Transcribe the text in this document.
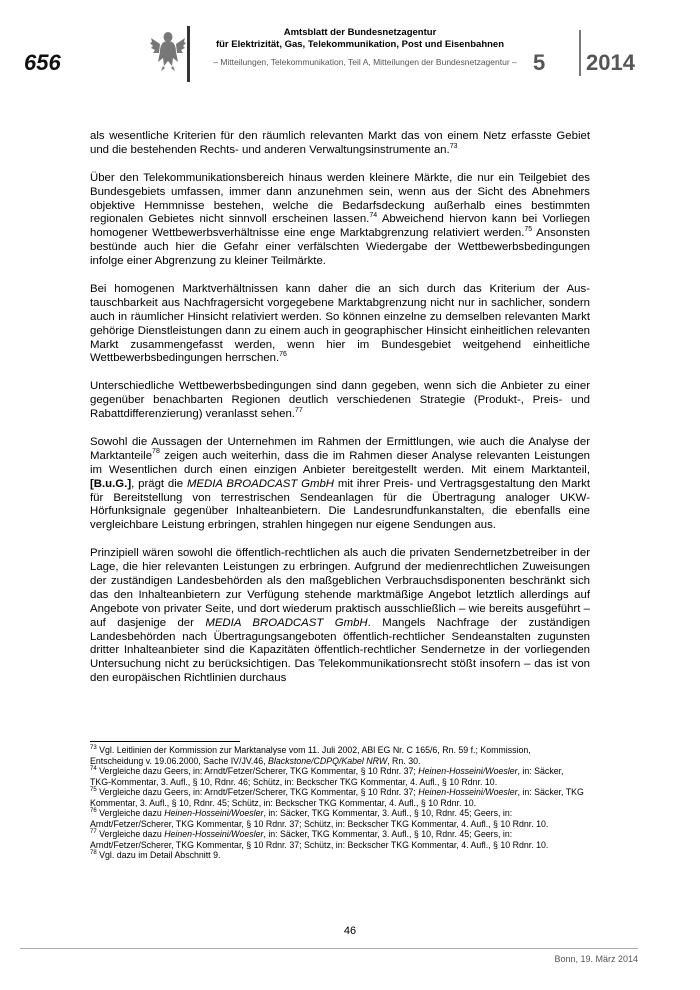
656
Amtsblatt der Bundesnetzagentur
für Elektrizität, Gas, Telekommunikation, Post und Eisenbahnen
– Mitteilungen, Telekommunikation, Teil A, Mitteilungen der Bundesnetzagentur – 5 2014

als wesentliche Kriterien für den räumlich relevanten Markt das von einem Netz erfasste Gebiet und die bestehenden Rechts- und anderen Verwaltungsinstrumente an.$^{73}$

Über den Telekommunikationsbereich hinaus werden kleinere Märkte, die nur ein Teilgebiet des Bundesgebiets umfassen, immer dann anzunehmen sein, wenn aus der Sicht des Abnehmers objektive Hemmnisse bestehen, welche die Bedarfsdeckung außerhalb eines bestimmten regionalen Gebietes nicht sinnvoll erscheinen lassen.$^{74}$ Abweichend hiervon kann bei Vorliegen homogener Wettbewerbsverhältnisse eine enge Marktabgrenzung relativiert werden.$^{75}$ Ansonsten bestünde auch hier die Gefahr einer verfälschten Wiedergabe der Wettbewerbsbedingungen infolge einer Abgrenzung zu kleiner Teilmärkte.

Bei homogenen Marktverhältnissen kann daher die an sich durch das Kriterium der Austauschbarkeit aus Nachfragersicht vorgegebene Marktabgrenzung nicht nur in sachlicher, sondern auch in räumlicher Hinsicht relativiert werden. So können einzelne zu demselben relevanten Markt gehörige Dienstleistungen dann zu einem auch in geographischer Hinsicht einheitlichen relevanten Markt zusammengefasst werden, wenn hier im Bundesgebiet weitgehend einheitliche Wettbewerbsbedingungen herrschen.$^{76}$

Unterschiedliche Wettbewerbsbedingungen sind dann gegeben, wenn sich die Anbieter zu einer gegenüber benachbarten Regionen deutlich verschiedenen Strategie (Produkt-, Preis- und Rabattdifferenzierung) veranlasst sehen.$^{77}$

Sowohl die Aussagen der Unternehmen im Rahmen der Ermittlungen, wie auch die Analyse der Marktanteile$^{78}$ zeigen auch weiterhin, dass die im Rahmen dieser Analyse relevanten Leistungen im Wesentlichen durch einen einzigen Anbieter bereitgestellt werden. Mit einem Marktanteil, [B.u.G.], prägt die MEDIA BROADCAST GmbH mit ihrer Preis- und Vertragsgestaltung den Markt für Bereitstellung von terrestrischen Sendeanlagen für die Übertragung analoger UKW-Hörfunksignale gegenüber Inhalteanbietern. Die Landesrundfunkanstalten, die ebenfalls eine vergleichbare Leistung erbringen, strahlen hingegen nur eigene Sendungen aus.

Prinzipiell wären sowohl die öffentlich-rechtlichen als auch die privaten Sendernetzbetreiber in der Lage, die hier relevanten Leistungen zu erbringen. Aufgrund der medienrechtlichen Zuweisungen der zuständigen Landesbehörden als den maßgeblichen Verbrauchsdisponenten beschränkt sich das den Inhalteanbietern zur Verfügung stehende marktmäßige Angebot letztlich allerdings auf Angebote von privater Seite, und dort wiederum praktisch ausschließlich – wie bereits ausgeführt – auf dasjenige der MEDIA BROADCAST GmbH. Mangels Nachfrage der zuständigen Landesbehörden nach Übertragungsangeboten öffentlich-rechtlicher Sendeanstalten zugunsten dritter Inhalteanbieter sind die Kapazitäten öffentlich-rechtlicher Sendernetze in der vorliegenden Untersuchung nicht zu berücksichtigen. Das Telekommunikationsrecht stößt insofern – das ist von den europäischen Richtlinien durchaus

$^{73}$ Vgl. Leitlinien der Kommission zur Marktanalyse vom 11. Juli 2002, ABl EG Nr. C 165/6, Rn. 59 f.; Kommission, Entscheidung v. 19.06.2000, Sache IV/JV.46, Blackstone/CDPQ/Kabel NRW, Rn. 30.
$^{74}$ Vergleiche dazu Geers, in: Arndt/Fetzer/Scherer, TKG Kommentar, § 10 Rdnr. 37; Heinen-Hosseini/Woesler, in: Säcker, TKG-Kommentar, 3. Aufl., § 10, Rdnr. 46; Schütz, in: Beckscher TKG Kommentar, 4. Aufl., § 10 Rdnr. 10.
$^{75}$ Vergleiche dazu Geers, in: Arndt/Fetzer/Scherer, TKG Kommentar, § 10 Rdnr. 37; Heinen-Hosseini/Woesler, in: Säcker, TKG Kommentar, 3. Aufl., § 10, Rdnr. 45; Schütz, in: Beckscher TKG Kommentar, 4. Aufl., § 10 Rdnr. 10.
$^{76}$ Vergleiche dazu Heinen-Hosseini/Woesler, in: Säcker, TKG Kommentar, 3. Aufl., § 10, Rdnr. 45; Geers, in: Arndt/Fetzer/Scherer, TKG Kommentar, § 10 Rdnr. 37; Schütz, in: Beckscher TKG Kommentar, 4. Aufl., § 10 Rdnr. 10.
$^{77}$ Vergleiche dazu Heinen-Hosseini/Woesler, in: Säcker, TKG Kommentar, 3. Aufl., § 10, Rdnr. 45; Geers, in: Arndt/Fetzer/Scherer, TKG Kommentar, § 10 Rdnr. 37; Schütz, in: Beckscher TKG Kommentar, 4. Aufl., § 10 Rdnr. 10.
$^{78}$ Vgl. dazu im Detail Abschnitt 9.
46
Bonn, 19. März 2014
